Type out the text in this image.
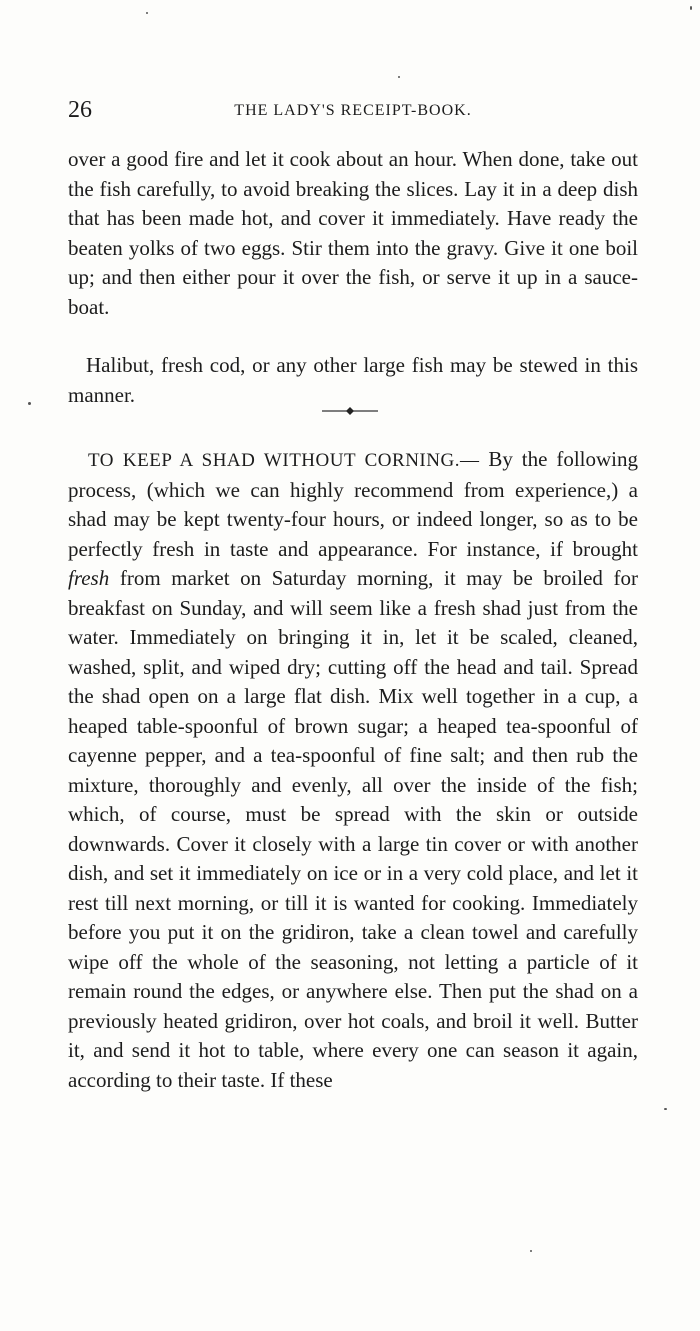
26	THE LADY'S RECEIPT-BOOK.
over a good fire and let it cook about an hour. When done, take out the fish carefully, to avoid breaking the slices. Lay it in a deep dish that has been made hot, and cover it immediately. Have ready the beaten yolks of two eggs. Stir them into the gravy. Give it one boil up; and then either pour it over the fish, or serve it up in a sauce-boat.
Halibut, fresh cod, or any other large fish may be stewed in this manner.
TO KEEP A SHAD WITHOUT CORNING.— By the following process, (which we can highly recommend from experience,) a shad may be kept twenty-four hours, or indeed longer, so as to be perfectly fresh in taste and appearance. For instance, if brought fresh from market on Saturday morning, it may be broiled for breakfast on Sunday, and will seem like a fresh shad just from the water. Immediately on bringing it in, let it be scaled, cleaned, washed, split, and wiped dry; cutting off the head and tail. Spread the shad open on a large flat dish. Mix well together in a cup, a heaped table-spoonful of brown sugar; a heaped tea-spoonful of cayenne pepper, and a tea-spoonful of fine salt; and then rub the mixture, thoroughly and evenly, all over the inside of the fish; which, of course, must be spread with the skin or outside downwards. Cover it closely with a large tin cover or with another dish, and set it immediately on ice or in a very cold place, and let it rest till next morning, or till it is wanted for cooking. Immediately before you put it on the gridiron, take a clean towel and carefully wipe off the whole of the seasoning, not letting a particle of it remain round the edges, or anywhere else. Then put the shad on a previously heated gridiron, over hot coals, and broil it well. Butter it, and send it hot to table, where every one can season it again, according to their taste. If these
